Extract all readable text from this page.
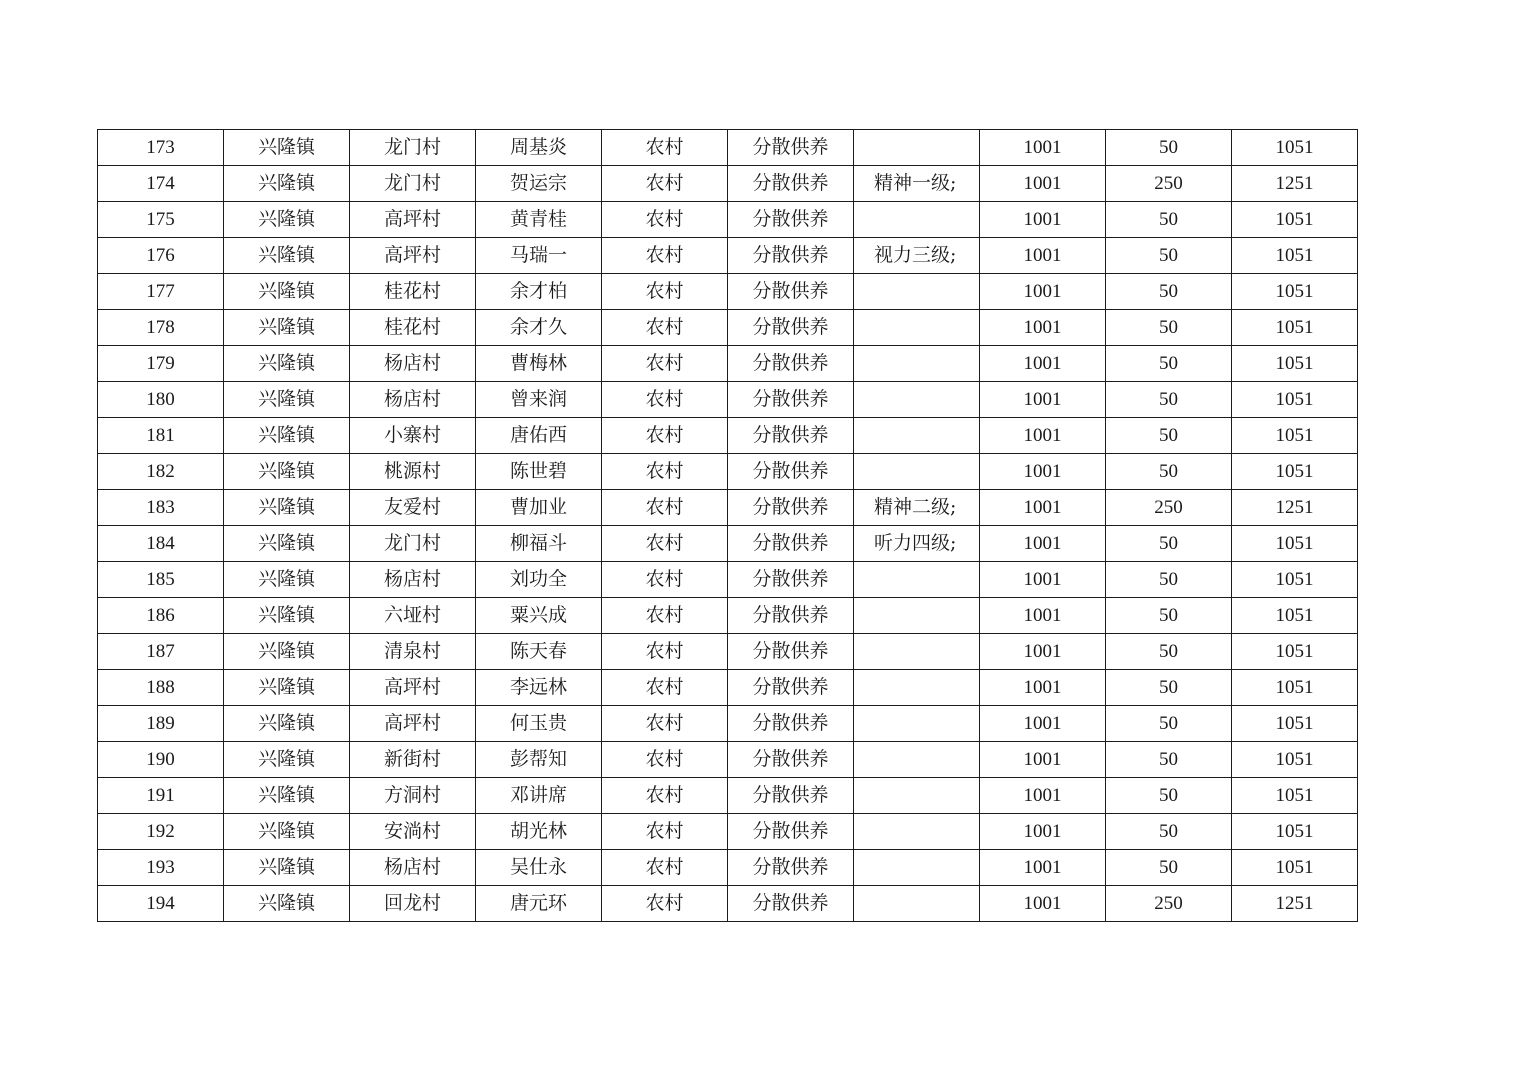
173	兴隆镇	龙门村	周基炎	农村	分散供养		1001	50	1051
174	兴隆镇	龙门村	贺运宗	农村	分散供养	精神一级;	1001	250	1251
175	兴隆镇	高坪村	黄青桂	农村	分散供养		1001	50	1051
176	兴隆镇	高坪村	马瑞一	农村	分散供养	视力三级;	1001	50	1051
177	兴隆镇	桂花村	余才柏	农村	分散供养		1001	50	1051
178	兴隆镇	桂花村	余才久	农村	分散供养		1001	50	1051
179	兴隆镇	杨店村	曹梅林	农村	分散供养		1001	50	1051
180	兴隆镇	杨店村	曾来润	农村	分散供养		1001	50	1051
181	兴隆镇	小寨村	唐佑西	农村	分散供养		1001	50	1051
182	兴隆镇	桃源村	陈世碧	农村	分散供养		1001	50	1051
183	兴隆镇	友爱村	曹加业	农村	分散供养	精神二级;	1001	250	1251
184	兴隆镇	龙门村	柳福斗	农村	分散供养	听力四级;	1001	50	1051
185	兴隆镇	杨店村	刘功全	农村	分散供养		1001	50	1051
186	兴隆镇	六垭村	粟兴成	农村	分散供养		1001	50	1051
187	兴隆镇	清泉村	陈天春	农村	分散供养		1001	50	1051
188	兴隆镇	高坪村	李远林	农村	分散供养		1001	50	1051
189	兴隆镇	高坪村	何玉贵	农村	分散供养		1001	50	1051
190	兴隆镇	新街村	彭帮知	农村	分散供养		1001	50	1051
191	兴隆镇	方洞村	邓讲席	农村	分散供养		1001	50	1051
192	兴隆镇	安淌村	胡光林	农村	分散供养		1001	50	1051
193	兴隆镇	杨店村	吴仕永	农村	分散供养		1001	50	1051
194	兴隆镇	回龙村	唐元环	农村	分散供养		1001	250	1251
